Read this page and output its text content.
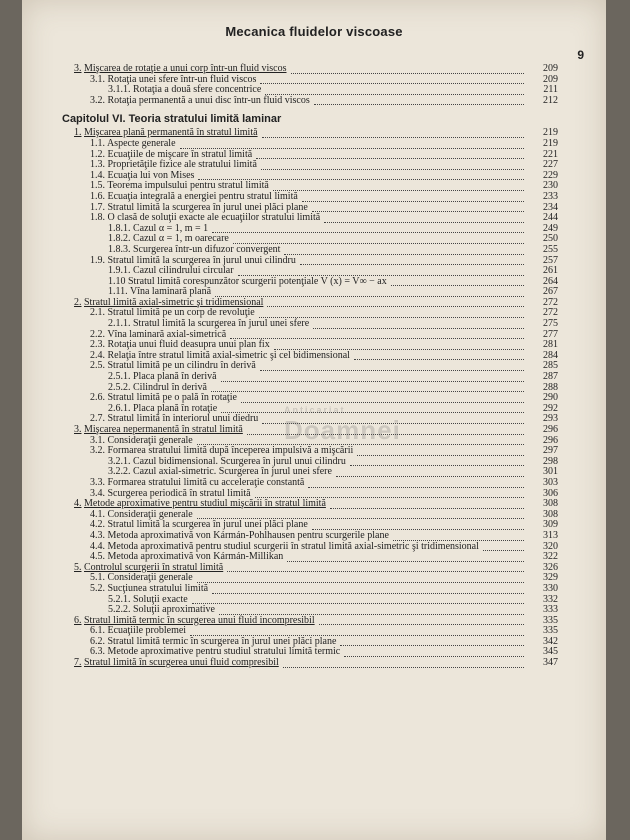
Mecanica fluidelor viscoase
9
3. Mişcarea de rotaţie a unui corp într-un fluid viscos	209
3.1. Rotaţia unei sfere într-un fluid viscos	209
3.1.1. Rotaţia a două sfere concentrice	211
3.2. Rotaţia permanentă a unui disc într-un fluid viscos	212
Capitolul VI. Teoria stratului limită laminar
1. Mişcarea plană permanentă în stratul limită	219
1.1. Aspecte generale	219
1.2. Ecuaţiile de mişcare în stratul limită	221
1.3. Proprietăţile fizice ale stratului limită	227
1.4. Ecuaţia lui von Mises	229
1.5. Teorema impulsului pentru stratul limită	230
1.6. Ecuaţia integrală a energiei pentru stratul limită	233
1.7. Stratul limită la scurgerea în jurul unei plăci plane	234
1.8. O clasă de soluţii exacte ale ecuaţiilor stratului limită	244
1.8.1. Cazul α = 1, m = 1	249
1.8.2. Cazul α = 1, m oarecare	250
1.8.3. Scurgerea într-un difuzor convergent	255
1.9. Stratul limită la scurgerea în jurul unui cilindru	257
1.9.1. Cazul cilindrului circular	261
1.10 Stratul limită corespunzător scurgerii potenţiale V (x) = V∞ − ax	264
1.11. Vîna laminară plană	267
2. Stratul limită axial-simetric şi tridimensional	272
2.1. Stratul limită pe un corp de revoluţie	272
2.1.1. Stratul limită la scurgerea în jurul unei sfere	275
2.2. Vîna laminară axial-simetrică	277
2.3. Rotaţia unui fluid deasupra unui plan fix	281
2.4. Relaţia între stratul limită axial-simetric şi cel bidimensional	284
2.5. Stratul limită pe un cilindru în derivă	285
2.5.1. Placa plană în derivă	287
2.5.2. Cilindrul în derivă	288
2.6. Stratul limită pe o pală în rotaţie	290
2.6.1. Placa plană în rotaţie	292
2.7. Stratul limită în interiorul unui diedru	293
3. Mişcarea nepermanentă în stratul limită	296
3.1. Consideraţii generale	296
3.2. Formarea stratului limită după începerea impulsivă a mişcării	297
3.2.1. Cazul bidimensional. Scurgerea în jurul unui cilindru	298
3.2.2. Cazul axial-simetric. Scurgerea în jurul unei sfere	301
3.3. Formarea stratului limită cu acceleraţie constantă	303
3.4. Scurgerea periodică în stratul limită	306
4. Metode aproximative pentru studiul mişcării în stratul limită	308
4.1. Consideraţii generale	308
4.2. Stratul limită la scurgerea în jurul unei plăci plane	309
4.3. Metoda aproximativă von Kármán-Pohlhausen pentru scurgerile plane	313
4.4. Metoda aproximativă pentru studiul scurgerii în stratul limită axial-simetric şi tridimensional	320
4.5. Metoda aproximativă von Kármán-Millikan	322
5. Controlul scurgerii în stratul limită	326
5.1. Consideraţii generale	329
5.2. Sucţiunea stratului limită	330
5.2.1. Soluţii exacte	332
5.2.2. Soluţii aproximative	333
6. Stratul limită termic în scurgerea unui fluid incompresibil	335
6.1. Ecuaţiile problemei	335
6.2. Stratul limită termic în scurgerea în jurul unei plăci plane	342
6.3. Metode aproximative pentru studiul stratului limită termic	345
7. Stratul limită în scurgerea unui fluid compresibil	347
Anticariat
Doamnei
